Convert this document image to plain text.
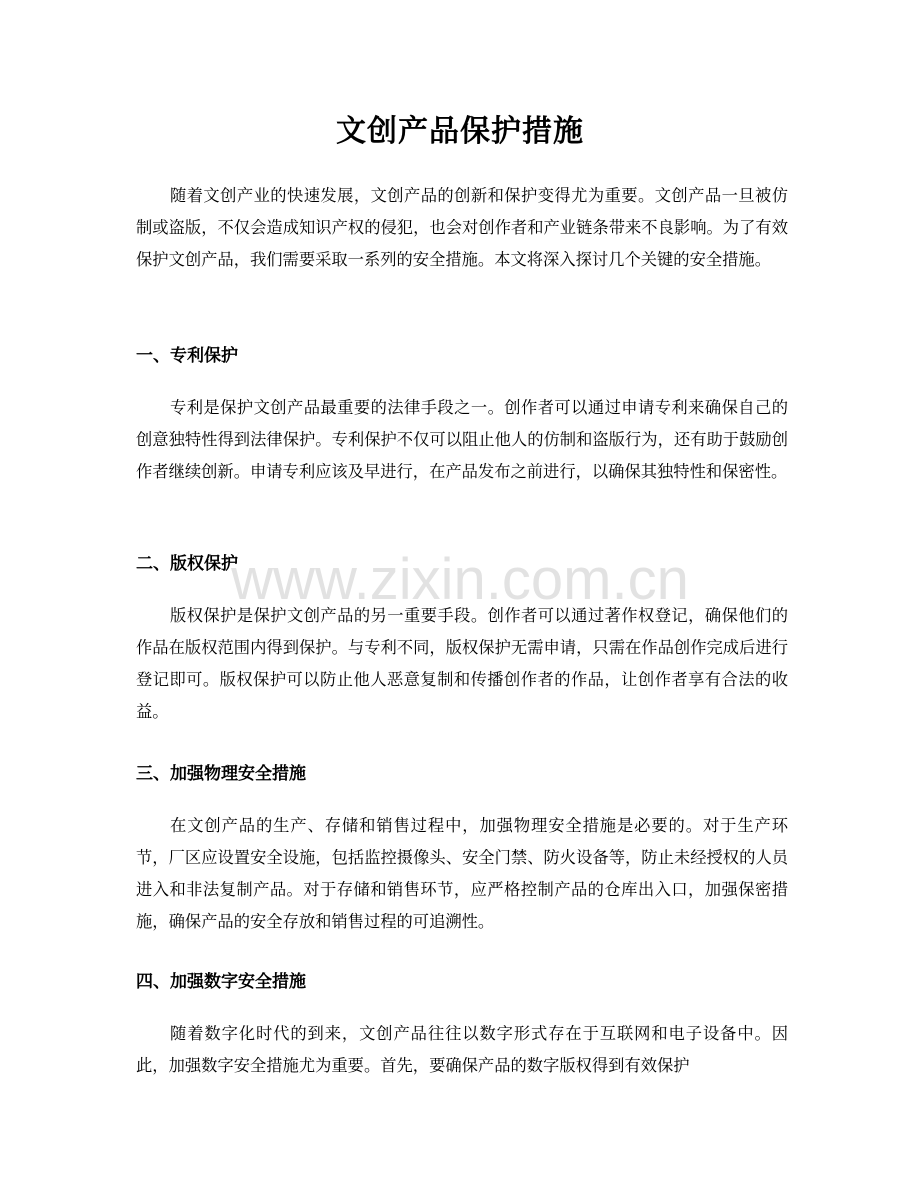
文创产品保护措施

随着文创产业的快速发展，文创产品的创新和保护变得尤为重要。文创产品一旦被仿制或盗版，不仅会造成知识产权的侵犯，也会对创作者和产业链条带来不良影响。为了有效保护文创产品，我们需要采取一系列的安全措施。本文将深入探讨几个关键的安全措施。

一、专利保护

专利是保护文创产品最重要的法律手段之一。创作者可以通过申请专利来确保自己的创意独特性得到法律保护。专利保护不仅可以阻止他人的仿制和盗版行为，还有助于鼓励创作者继续创新。申请专利应该及早进行，在产品发布之前进行，以确保其独特性和保密性。

二、版权保护

版权保护是保护文创产品的另一重要手段。创作者可以通过著作权登记，确保他们的作品在版权范围内得到保护。与专利不同，版权保护无需申请，只需在作品创作完成后进行登记即可。版权保护可以防止他人恶意复制和传播创作者的作品，让创作者享有合法的收益。

三、加强物理安全措施

在文创产品的生产、存储和销售过程中，加强物理安全措施是必要的。对于生产环节，厂区应设置安全设施，包括监控摄像头、安全门禁、防火设备等，防止未经授权的人员进入和非法复制产品。对于存储和销售环节，应严格控制产品的仓库出入口，加强保密措施，确保产品的安全存放和销售过程的可追溯性。

四、加强数字安全措施

随着数字化时代的到来，文创产品往往以数字形式存在于互联网和电子设备中。因此，加强数字安全措施尤为重要。首先，要确保产品的数字版权得到有效保护

www.zixin.com.cn
